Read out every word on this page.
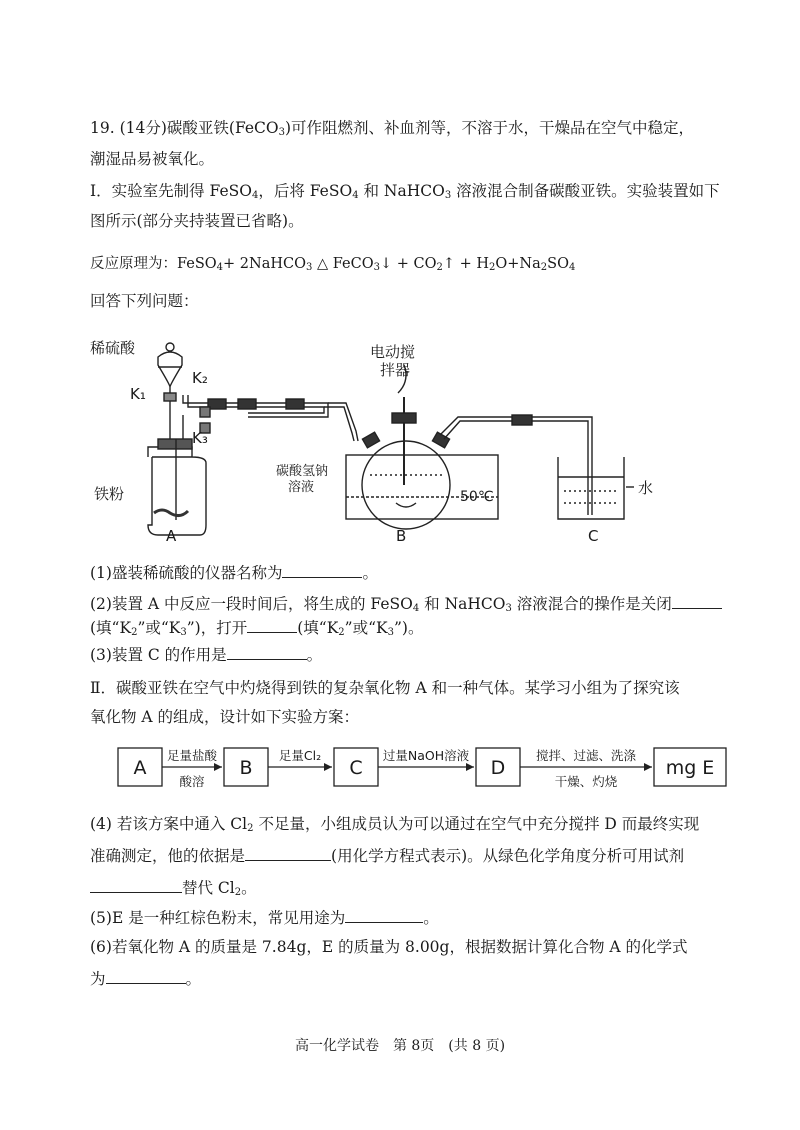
19. (14分)碳酸亚铁(FeCO$_3$)可作阻燃剂、补血剂等，不溶于水，干燥品在空气中稳定，
潮湿品易被氧化。
Ⅰ．实验室先制得 FeSO$_4$，后将 FeSO$_4$ 和 NaHCO$_3$ 溶液混合制备碳酸亚铁。实验装置如下
图所示(部分夹持装置已省略)。
反应原理为：FeSO$_4$+ 2NaHCO$_3$ △ FeCO$_3$↓ + $CO_2↑ + H_2O+Na_2SO_4$
回答下列问题：
稀硫酸
K₁
K₂
K₃
铁粉
A
电动搅
拌器
碳酸氢钠
溶液
50℃
B
水
C
(1)盛装稀硫酸的仪器名称为	。
(2)装置 A 中反应一段时间后，将生成的 FeSO$_4$ 和 NaHCO$_3$ 溶液混合的操作是关闭
(填“$K_2$”或“$K_3$”)，打开	(填“$K_2$”或“$K_3$”)。
(3)装置 C 的作用是	。
Ⅱ．碳酸亚铁在空气中灼烧得到铁的复杂氧化物 A 和一种气体。某学习小组为了探究该
氧化物 A 的组成，设计如下实验方案：
A	B	C	D	mg E
足量盐酸
酸溶
足量Cl₂	过量NaOH溶液	搅拌、过滤、洗涤
干燥、灼烧
(4) 若该方案中通入 $Cl_2$ 不足量，小组成员认为可以通过在空气中充分搅拌 D 而最终实现
准确测定，他的依据是	(用化学方程式表示)。从绿色化学角度分析可用试剂
替代 $Cl_2$。
(5)E 是一种红棕色粉末，常见用途为	。
(6)若氧化物 A 的质量是 7.84g，E 的质量为 8.00g，根据数据计算化合物 A 的化学式
为	。
高一化学试卷　第 8页　(共 8 页)
